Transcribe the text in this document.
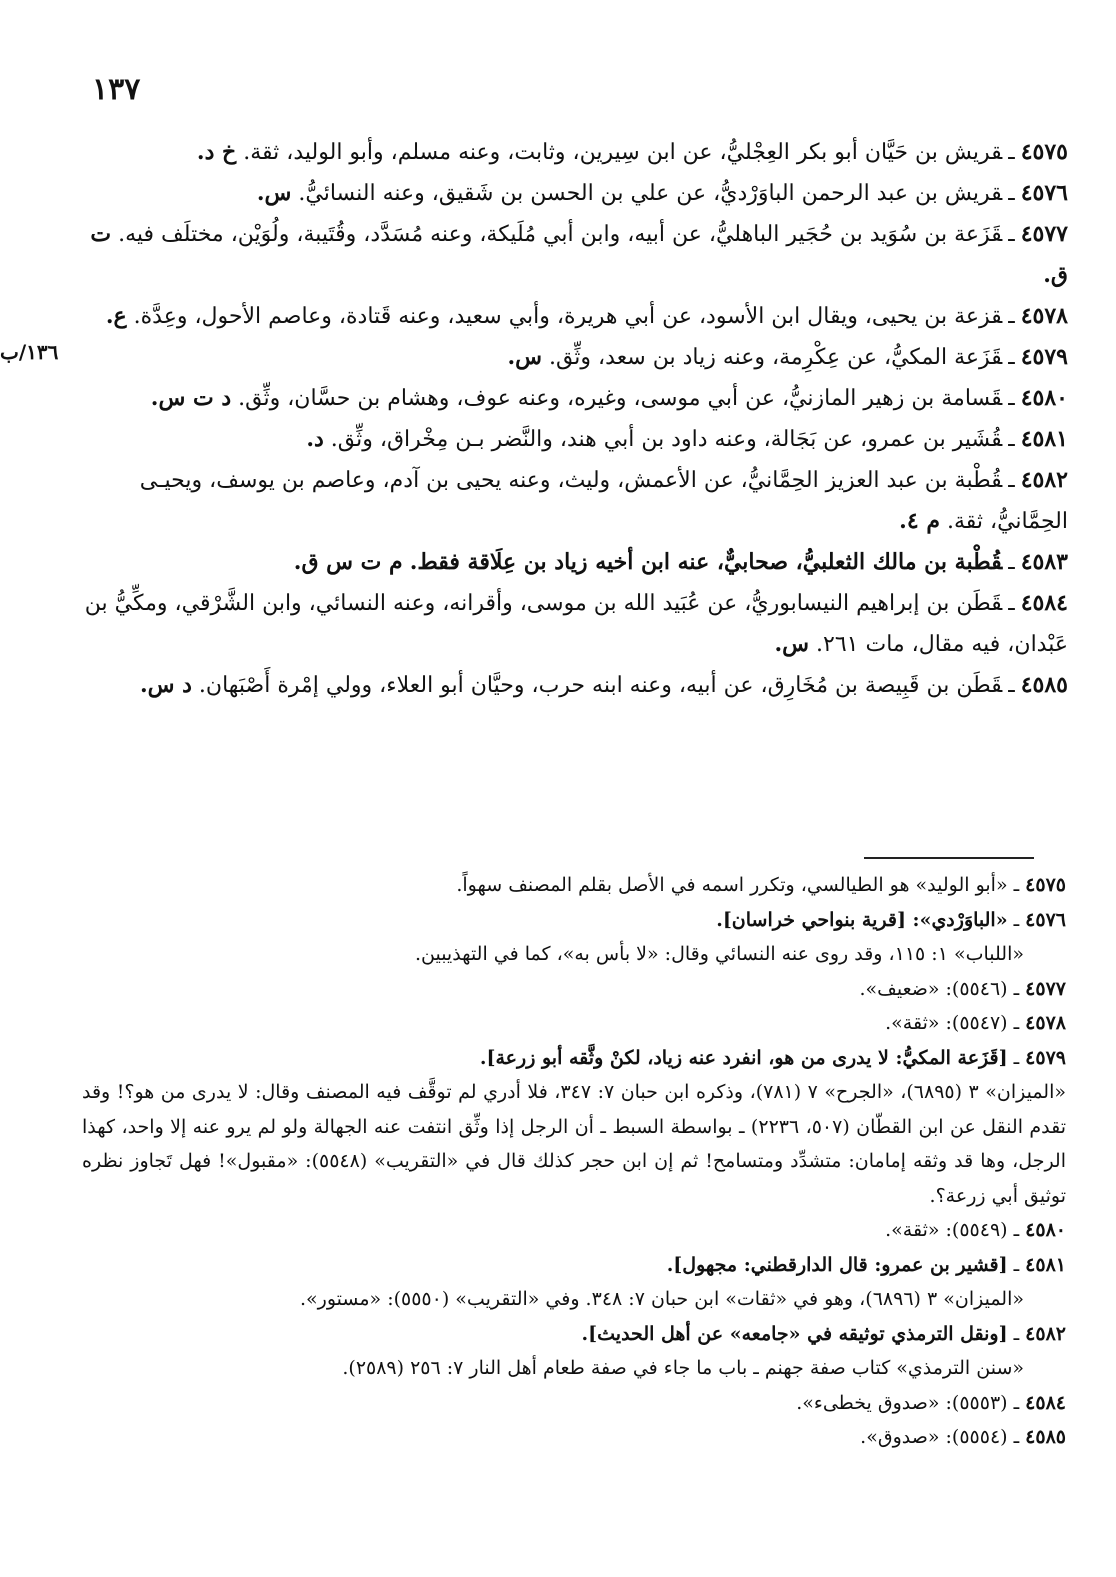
١٣٧
١٣٦/ب

٤٥٧٥ـقريش بن حَيَّان أبو بكر العِجْليُّ، عن ابن سِيرين، وثابت، وعنه مسلم، وأبو الوليد، ثقة. خ د.

٤٥٧٦ـقريش بن عبد الرحمن الباوَرْديُّ، عن علي بن الحسن بن شَقيق، وعنه النسائيُّ. س.

٤٥٧٧ـقَزَعة بن سُوَيد بن حُجَير الباهليُّ، عن أبيه، وابن أبي مُلَيكة، وعنه مُسَدَّد، وقُتَيبة، ولُوَيْن، مختلَف فيه. ت ق.

٤٥٧٨ـقزعة بن يحيى، ويقال ابن الأسود، عن أبي هريرة، وأبي سعيد، وعنه قَتادة، وعاصم الأحول، وعِدَّة. ع.

٤٥٧٩ـقَزَعة المكيُّ، عن عِكْرِمة، وعنه زياد بن سعد، وثِّق. س.

٤٥٨٠ـقَسامة بن زهير المازنيُّ، عن أبي موسى، وغيره، وعنه عوف، وهشام بن حسَّان، وثِّق. د ت س.

٤٥٨١ـقُشَير بن عمرو، عن بَجَالة، وعنه داود بن أبي هند، والنَّضر بـن مِخْراق، وثِّق. د.

٤٥٨٢ـقُطْبة بن عبد العزيز الحِمَّانيُّ، عن الأعمش، وليث، وعنه يحيى بن آدم، وعاصم بن يوسف، ويحيـى الحِمَّانيُّ، ثقة. م ٤.

٤٥٨٣ـقُطْبة بن مالك الثعلبيُّ، صحابيٌّ، عنه ابن أخيه زياد بن عِلَاقة فقط. م ت س ق.

٤٥٨٤ـقَطَن بن إبراهيم النيسابوريُّ، عن عُبَيد الله بن موسى، وأقرانه، وعنه النسائي، وابن الشَّرْقي، ومكِّيُّ بن عَبْدان، فيه مقال، مات ٢٦١. س.

٤٥٨٥ـقَطَن بن قَبِيصة بن مُخَارِق، عن أبيه، وعنه ابنه حرب، وحيَّان أبو العلاء، وولي إمْرة أَصْبَهان. د س.

٤٥٧٥ـ«أبو الوليد» هو الطيالسي، وتكرر اسمه في الأصل بقلم المصنف سهواً.

٤٥٧٦ـ«الباوَرْدي»: [قرية بنواحي خراسان].

«اللباب» ١: ١١٥، وقد روى عنه النسائي وقال: «لا بأس به»، كما في التهذيبين.

٤٥٧٧ـ(٥٥٤٦): «ضعيف».

٤٥٧٨ـ(٥٥٤٧): «ثقة».

٤٥٧٩ـ[قَزَعة المكيُّ: لا يدرى من هو، انفرد عنه زياد، لكنْ وثَّقه أبو زرعة].

«الميزان» ٣ (٦٨٩٥)، «الجرح» ٧ (٧٨١)، وذكره ابن حبان ٧: ٣٤٧، فلا أدري لم توقَّف فيه المصنف وقال: لا يدرى من هو؟! وقد تقدم النقل عن ابن القطّان (٥٠٧، ٢٢٣٦) ـ بواسطة السبط ـ أن الرجل إذا وثِّق انتفت عنه الجهالة ولو لم يرو عنه إلا واحد، كهذا الرجل، وها قد وثقه إمامان: متشدِّد ومتسامح! ثم إن ابن حجر كذلك قال في «التقريب» (٥٥٤٨): «مقبول»! فهل تَجاوز نظره توثيق أبي زرعة؟.

٤٥٨٠ـ(٥٥٤٩): «ثقة».

٤٥٨١ـ[قشير بن عمرو: قال الدارقطني: مجهول].

«الميزان» ٣ (٦٨٩٦)، وهو في «ثقات» ابن حبان ٧: ٣٤٨. وفي «التقريب» (٥٥٥٠): «مستور».

٤٥٨٢ـ[ونقل الترمذي توثيقه في «جامعه» عن أهل الحديث].

«سنن الترمذي» كتاب صفة جهنم ـ باب ما جاء في صفة طعام أهل النار ٧: ٢٥٦ (٢٥٨٩).

٤٥٨٤ـ(٥٥٥٣): «صدوق يخطىء».

٤٥٨٥ـ(٥٥٥٤): «صدوق».
